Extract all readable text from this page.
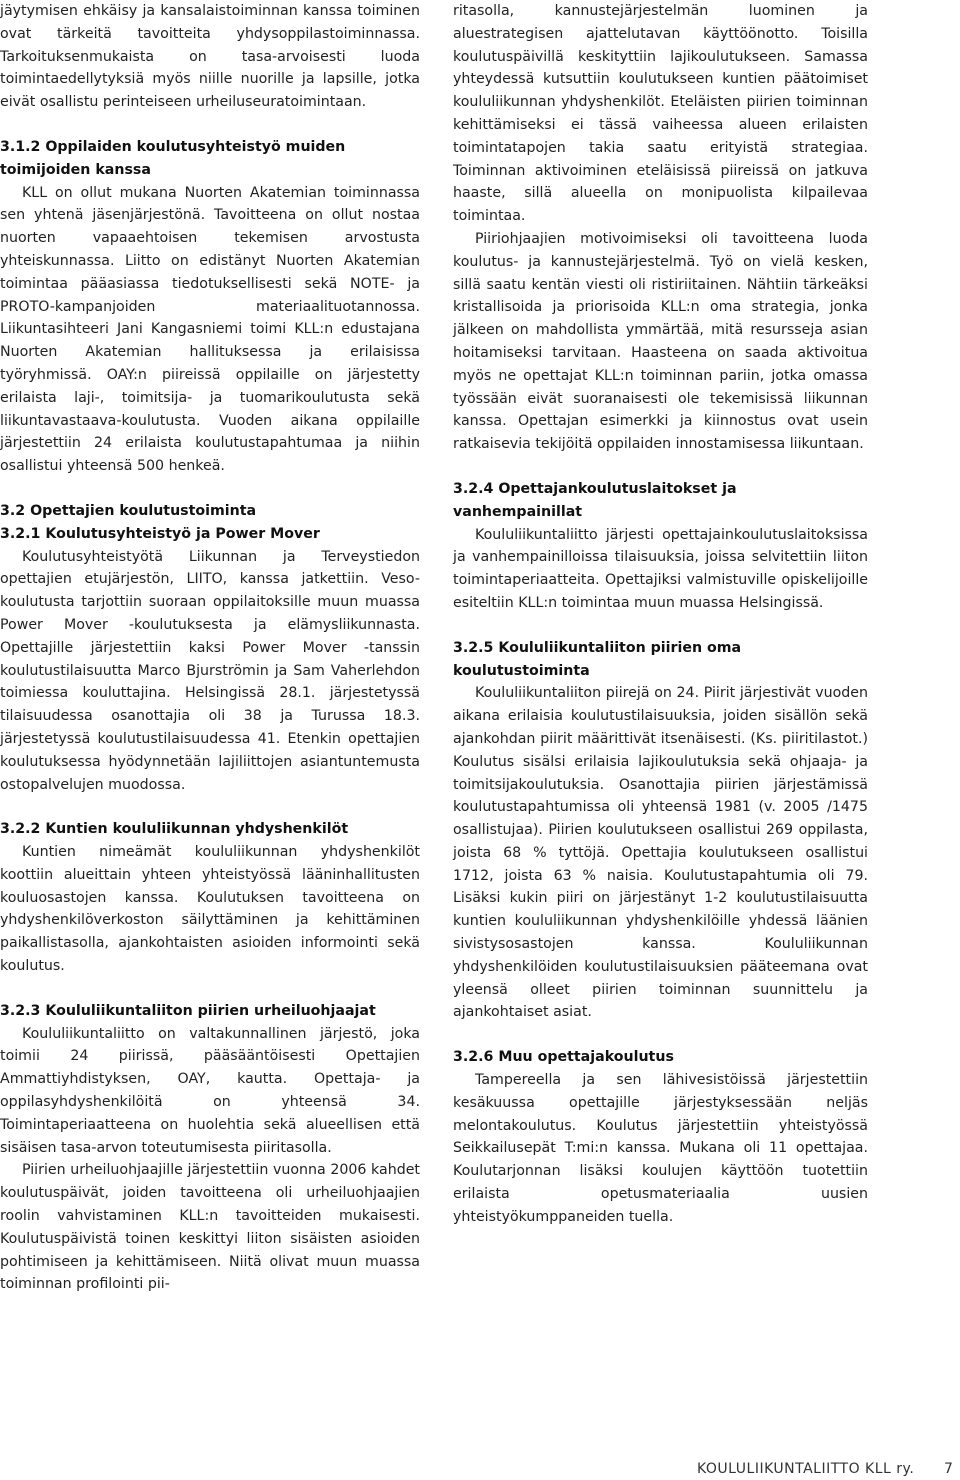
jäytymisen ehkäisy ja kansalaistoiminnan kanssa toiminen ovat tärkeitä tavoitteita yhdysoppilastoiminnassa. Tarkoituksenmukaista on tasa-arvoisesti luoda toimintaedellytyksiä myös niille nuorille ja lapsille, jotka eivät osallistu perinteiseen urheiluseuratoimintaan.

3.1.2 Oppilaiden koulutusyhteistyö muiden toimijoiden kanssa

KLL on ollut mukana Nuorten Akatemian toiminnassa sen yhtenä jäsenjärjestönä. Tavoitteena on ollut nostaa nuorten vapaaehtoisen tekemisen arvostusta yhteiskunnassa. Liitto on edistänyt Nuorten Akatemian toimintaa pääasiassa tiedotuksellisesti sekä NOTE- ja PROTO-kampanjoiden materiaalituotannossa. Liikuntasihteeri Jani Kangasniemi toimi KLL:n edustajana Nuorten Akatemian hallituksessa ja erilaisissa työryhmissä. OAY:n piireissä oppilaille on järjestetty erilaista laji-, toimitsija- ja tuomarikoulutusta sekä liikuntavastaava-koulutusta. Vuoden aikana oppilaille järjestettiin 24 erilaista koulutustapahtumaa ja niihin osallistui yhteensä 500 henkeä.

3.2 Opettajien koulutustoiminta
3.2.1 Koulutusyhteistyö ja Power Mover

Koulutusyhteistyötä Liikunnan ja Terveystiedon opettajien etujärjestön, LIITO, kanssa jatkettiin. Veso-koulutusta tarjottiin suoraan oppilaitoksille muun muassa Power Mover -koulutuksesta ja elämysliikunnasta. Opettajille järjestettiin kaksi Power Mover -tanssin koulutustilaisuutta Marco Bjurströmin ja Sam Vaherlehdon toimiessa kouluttajina. Helsingissä 28.1. järjestetyssä tilaisuudessa osanottajia oli 38 ja Turussa 18.3. järjestetyssä koulutustilaisuudessa 41. Etenkin opettajien koulutuksessa hyödynnetään lajiliittojen asiantuntemusta ostopalvelujen muodossa.

3.2.2 Kuntien koululiikunnan yhdyshenkilöt

Kuntien nimeämät koululiikunnan yhdyshenkilöt koottiin alueittain yhteen yhteistyössä lääninhallitusten kouluosastojen kanssa. Koulutuksen tavoitteena on yhdyshenkilöverkoston säilyttäminen ja kehittäminen paikallistasolla, ajankohtaisten asioiden informointi sekä koulutus.

3.2.3 Koululiikuntaliiton piirien urheiluohjaajat

Koululiikuntaliitto on valtakunnallinen järjestö, joka toimii 24 piirissä, pääsääntöisesti Opettajien Ammattiyhdistyksen, OAY, kautta. Opettaja- ja oppilasyhdyshenkilöitä on yhteensä 34. Toimintaperiaatteena on huolehtia sekä alueellisen että sisäisen tasa-arvon toteutumisesta piiritasolla.

Piirien urheiluohjaajille järjestettiin vuonna 2006 kahdet koulutuspäivät, joiden tavoitteena oli urheiluohjaajien roolin vahvistaminen KLL:n tavoitteiden mukaisesti. Koulutuspäivistä toinen keskittyi liiton sisäisten asioiden pohtimiseen ja kehittämiseen. Niitä olivat muun muassa toiminnan profilointi pii-

ritasolla, kannustejärjestelmän luominen ja aluestrategisen ajattelutavan käyttöönotto. Toisilla koulutuspäivillä keskityttiin lajikoulutukseen. Samassa yhteydessä kutsuttiin koulutukseen kuntien päätoimiset koululiikunnan yhdyshenkilöt. Eteläisten piirien toiminnan kehittämiseksi ei tässä vaiheessa alueen erilaisten toimintatapojen takia saatu erityistä strategiaa. Toiminnan aktivoiminen eteläisissä piireissä on jatkuva haaste, sillä alueella on monipuolista kilpailevaa toimintaa.

Piiriohjaajien motivoimiseksi oli tavoitteena luoda koulutus- ja kannustejärjestelmä. Työ on vielä kesken, sillä saatu kentän viesti oli ristiriitainen. Nähtiin tärkeäksi kristallisoida ja priorisoida KLL:n oma strategia, jonka jälkeen on mahdollista ymmärtää, mitä resursseja asian hoitamiseksi tarvitaan. Haasteena on saada aktivoitua myös ne opettajat KLL:n toiminnan pariin, jotka omassa työssään eivät suoranaisesti ole tekemisissä liikunnan kanssa. Opettajan esimerkki ja kiinnostus ovat usein ratkaisevia tekijöitä oppilaiden innostamisessa liikuntaan.

3.2.4 Opettajankoulutuslaitokset ja vanhempainillat

Koululiikuntaliitto järjesti opettajainkoulutuslaitoksissa ja vanhempainilloissa tilaisuuksia, joissa selvitettiin liiton toimintaperiaatteita. Opettajiksi valmistuville opiskelijoille esiteltiin KLL:n toimintaa muun muassa Helsingissä.

3.2.5 Koululiikuntaliiton piirien oma koulutustoiminta

Koululiikuntaliiton piirejä on 24. Piirit järjestivät vuoden aikana erilaisia koulutustilaisuuksia, joiden sisällön sekä ajankohdan piirit määrittivät itsenäisesti. (Ks. piiritilastot.) Koulutus sisälsi erilaisia lajikoulutuksia sekä ohjaaja- ja toimitsijakoulutuksia. Osanottajia piirien järjestämissä koulutustapahtumissa oli yhteensä 1981 (v. 2005 /1475 osallistujaa). Piirien koulutukseen osallistui 269 oppilasta, joista 68 % tyttöjä. Opettajia koulutukseen osallistui 1712, joista 63 % naisia. Koulutustapahtumia oli 79. Lisäksi kukin piiri on järjestänyt 1-2 koulutustilaisuutta kuntien koululiikunnan yhdyshenkilöille yhdessä läänien sivistysosastojen kanssa. Koululiikunnan yhdyshenkilöiden koulutustilaisuuksien pääteemana ovat yleensä olleet piirien toiminnan suunnittelu ja ajankohtaiset asiat.

3.2.6 Muu opettajakoulutus

Tampereella ja sen lähivesistöissä järjestettiin kesäkuussa opettajille järjestyksessään neljäs melontakoulutus. Koulutus järjestettiin yhteistyössä Seikkailusepät T:mi:n kanssa. Mukana oli 11 opettajaa. Koulutarjonnan lisäksi koulujen käyttöön tuotettiin erilaista opetusmateriaalia uusien yhteistyökumppaneiden tuella.

KOULULIIKUNTALIITTO KLL ry. 7
